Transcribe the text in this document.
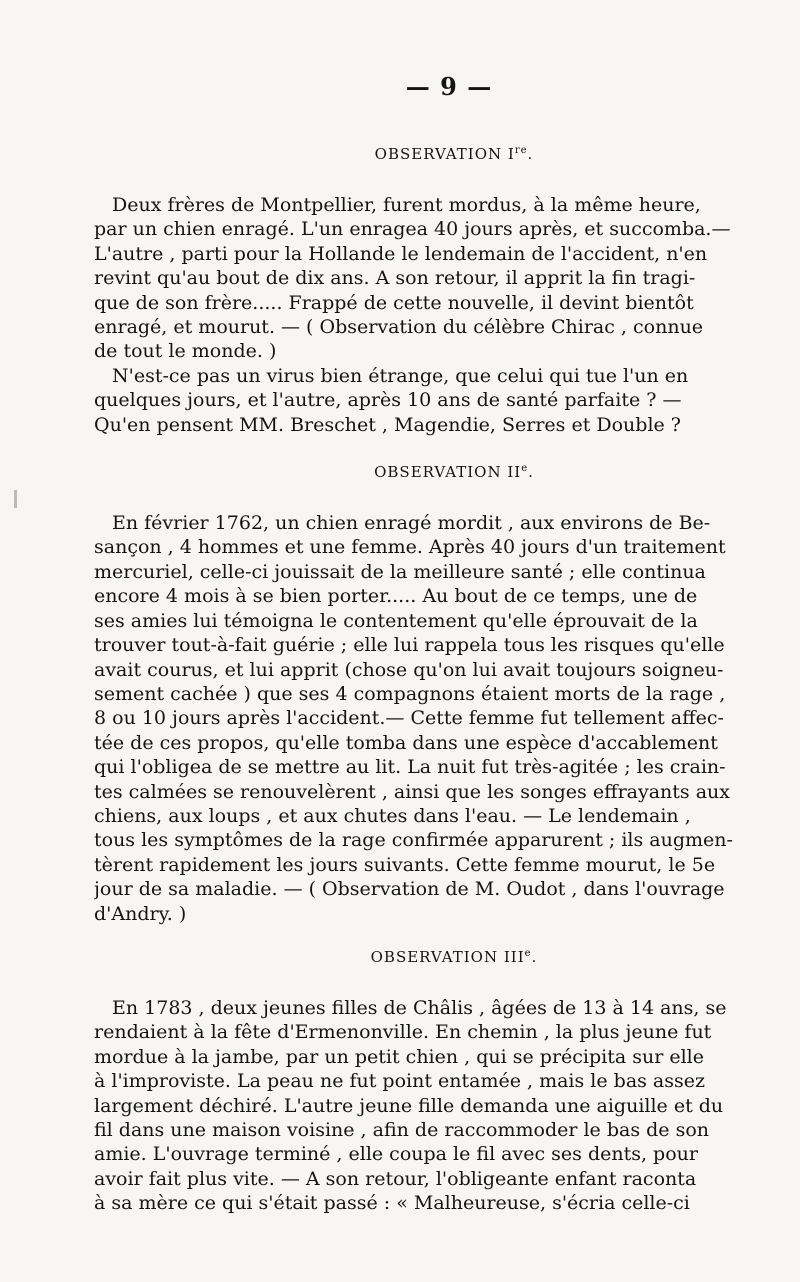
— 9 —
OBSERVATION Ire.
Deux frères de Montpellier, furent mordus, à la même heure,
par un chien enragé. L'un enragea 40 jours après, et succomba.—
L'autre , parti pour la Hollande le lendemain de l'accident, n'en
revint qu'au bout de dix ans. A son retour, il apprit la fin tragi-
que de son frère..... Frappé de cette nouvelle, il devint bientôt
enragé, et mourut. — ( Observation du célèbre Chirac , connue
de tout le monde. )
N'est-ce pas un virus bien étrange, que celui qui tue l'un en
quelques jours, et l'autre, après 10 ans de santé parfaite ? —
Qu'en pensent MM. Breschet , Magendie, Serres et Double ?
OBSERVATION IIe.
En février 1762, un chien enragé mordit , aux environs de Be-
sançon , 4 hommes et une femme. Après 40 jours d'un traitement
mercuriel, celle-ci jouissait de la meilleure santé ; elle continua
encore 4 mois à se bien porter..... Au bout de ce temps, une de
ses amies lui témoigna le contentement qu'elle éprouvait de la
trouver tout-à-fait guérie ; elle lui rappela tous les risques qu'elle
avait courus, et lui apprit (chose qu'on lui avait toujours soigneu-
sement cachée ) que ses 4 compagnons étaient morts de la rage ,
8 ou 10 jours après l'accident.— Cette femme fut tellement affec-
tée de ces propos, qu'elle tomba dans une espèce d'accablement
qui l'obligea de se mettre au lit. La nuit fut très-agitée ; les crain-
tes calmées se renouvelèrent , ainsi que les songes effrayants aux
chiens, aux loups , et aux chutes dans l'eau. — Le lendemain ,
tous les symptômes de la rage confirmée apparurent ; ils augmen-
tèrent rapidement les jours suivants. Cette femme mourut, le 5e
jour de sa maladie. — ( Observation de M. Oudot , dans l'ouvrage
d'Andry. )
OBSERVATION IIIe.
En 1783 , deux jeunes filles de Châlis , âgées de 13 à 14 ans, se
rendaient à la fête d'Ermenonville. En chemin , la plus jeune fut
mordue à la jambe, par un petit chien , qui se précipita sur elle
à l'improviste. La peau ne fut point entamée , mais le bas assez
largement déchiré. L'autre jeune fille demanda une aiguille et du
fil dans une maison voisine , afin de raccommoder le bas de son
amie. L'ouvrage terminé , elle coupa le fil avec ses dents, pour
avoir fait plus vite. — A son retour, l'obligeante enfant raconta
à sa mère ce qui s'était passé : « Malheureuse, s'écria celle-ci
